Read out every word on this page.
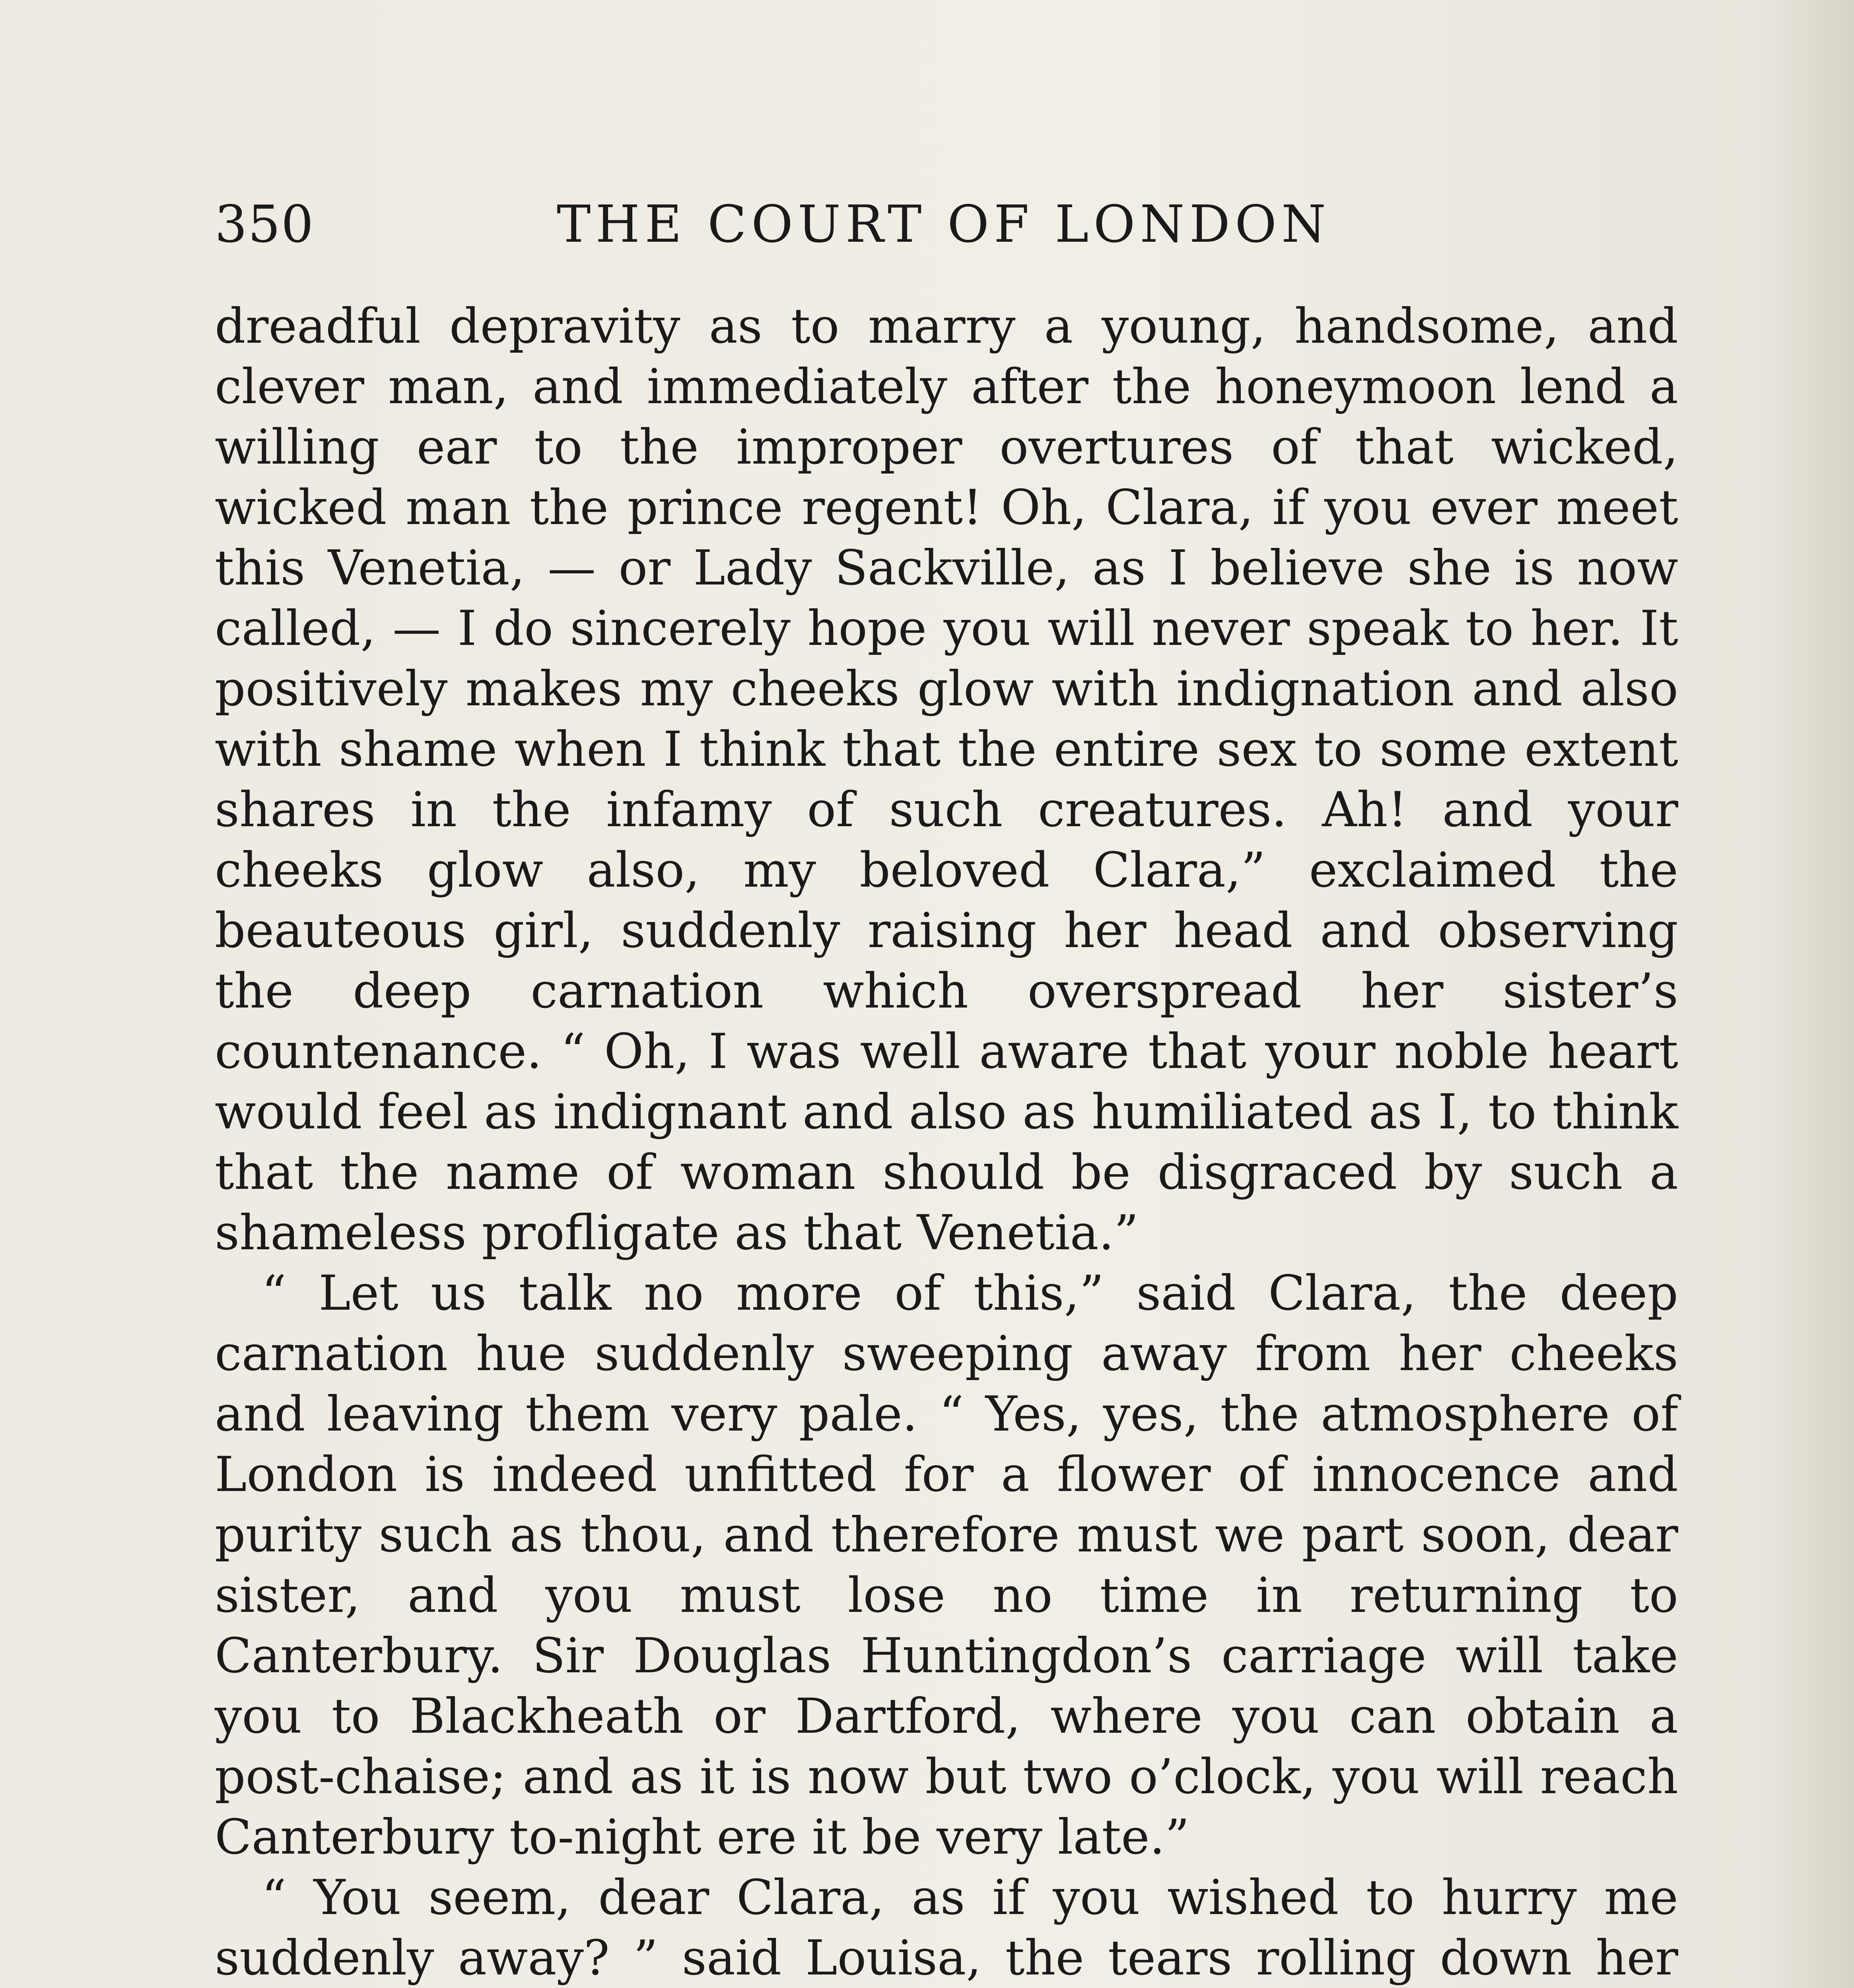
350	THE COURT OF LONDON

dreadful depravity as to marry a young, handsome, and clever man, and immediately after the honeymoon lend a willing ear to the improper overtures of that wicked, wicked man the prince regent! Oh, Clara, if you ever meet this Venetia, — or Lady Sackville, as I believe she is now called, — I do sincerely hope you will never speak to her. It positively makes my cheeks glow with indignation and also with shame when I think that the entire sex to some extent shares in the infamy of such creatures. Ah! and your cheeks glow also, my beloved Clara,” exclaimed the beauteous girl, suddenly raising her head and observing the deep carnation which overspread her sister’s countenance. “ Oh, I was well aware that your noble heart would feel as indignant and also as humiliated as I, to think that the name of woman should be disgraced by such a shameless profligate as that Venetia.”

“ Let us talk no more of this,” said Clara, the deep carnation hue suddenly sweeping away from her cheeks and leaving them very pale. “ Yes, yes, the atmosphere of London is indeed unfitted for a flower of innocence and purity such as thou, and therefore must we part soon, dear sister, and you must lose no time in returning to Canterbury. Sir Douglas Huntingdon’s carriage will take you to Blackheath or Dartford, where you can obtain a post-chaise; and as it is now but two o’clock, you will reach Canterbury to-night ere it be very late.”

“ You seem, dear Clara, as if you wished to hurry me suddenly away? ” said Louisa, the tears rolling down her
